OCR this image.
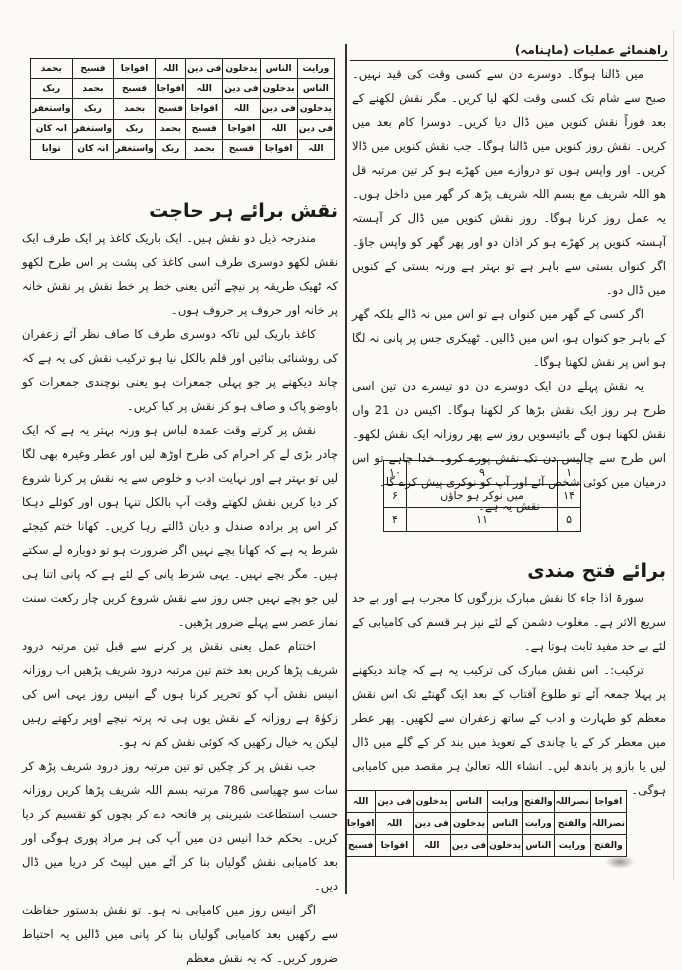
راهنمائے عملیات (ماہنامہ)
ورایت	الناس	یدخلون	فی دین	اللہ	افواجا	فسبح	بحمد
الناس	یدخلون	فی دین	اللہ	افواجا	فسبح	بحمد	ربک
یدخلون	فی دین	اللہ	افواجا	فسبح	بحمد	ربک	واستغفر
فی دین	اللہ	افواجا	فسبح	بحمد	ربک	واستغفر	انہ کان
اللہ	افواجا	فسبح	بحمد	ربک	واستغفر	انہ کان	توابا
نقش برائے ہر حاجت

مندرجہ ذیل دو نقش ہیں۔ ایک باریک کاغذ پر ایک طرف ایک نقش لکھو دوسری طرف اسی کاغذ کی پشت پر اس طرح لکھو کہ ٹھیک طریقہ پر نیچے آئیں یعنی خط پر خط نقش پر نقش خانہ پر خانہ اور حروف پر حروف ہوں۔

کاغذ باریک لیں تاکہ دوسری طرف کا صاف نظر آئے زعفران کی روشنائی بنائیں اور قلم بالکل نیا ہو ترکیب نقش کی یہ ہے کہ چاند دیکھنے پر جو پہلی جمعرات ہو یعنی نوچندی جمعرات کو باوضو پاک و صاف ہو کر نقش پر کیا کریں۔

نقش پر کرتے وقت عمدہ لباس ہو ورنہ بہتر یہ ہے کہ ایک چادر بڑی لے کر احرام کی طرح اوڑھ لیں اور عطر وغیرہ بھی لگا لیں تو بہتر ہے اور نہایت ادب و خلوص سے یہ نقش پر کرنا شروع کر دیا کریں نقش لکھتے وقت آپ بالکل تنہا ہوں اور کوئلے دہکا کر اس پر برادہ صندل و دیان ڈالتے رہا کریں۔ کھانا ختم کیجئے شرط یہ ہے کہ کھانا بچے نہیں اگر ضرورت ہو تو دوبارہ لے سکتے ہیں۔ مگر بچے نہیں۔ یہی شرط پانی کے لئے ہے کہ پانی اتنا ہی لیں جو بچے نہیں جس روز سے نقش شروع کریں چار رکعت سنت نماز عصر سے پہلے ضرور پڑھیں۔

اختتام عمل یعنی نقش پر کرنے سے قبل تین مرتبہ درود شریف پڑھا کریں بعد ختم تین مرتبہ درود شریف پڑھیں اب روزانہ انیس نقش آپ کو تحریر کرنا ہوں گے انیس روز یہی اس کی زکوٰۃ ہے روزانہ کے نقش یوں ہی تہ پرتہ نیچے اوپر رکھتے رہیں لیکن یہ خیال رکھیں کہ کوئی نقش کم نہ ہو۔

جب نقش پر کر چکیں تو تین مرتبہ روز درود شریف پڑھ کر سات سو چھیاسی 786 مرتبہ بسم اللہ شریف پڑھا کریں روزانہ حسب استطاعت شیرینی پر فاتحہ دے کر بچوں کو تقسیم کر دیا کریں۔ بحکم خدا انیس دن میں آپ کی ہر مراد پوری ہوگی اور بعد کامیابی نقش گولیاں بنا کر آٹے میں لپیٹ کر دریا میں ڈال دیں۔

اگر انیس روز میں کامیابی نہ ہو۔ تو نقش بدستور حفاظت سے رکھیں بعد کامیابی گولیاں بنا کر پانی میں ڈالیں یہ احتیاط ضرور کریں۔ کہ یہ نقش معظم

میں ڈالنا ہوگا۔ دوسرے دن سے کسی وقت کی قید نہیں۔ صبح سے شام تک کسی وقت لکھ لیا کریں۔ مگر نقش لکھنے کے بعد فوراً نقش کنویں میں ڈال دیا کریں۔ دوسرا کام بعد میں کریں۔ نقش روز کنویں میں ڈالنا ہوگا۔ جب نقش کنویں میں ڈالا کریں۔ اور واپس ہوں تو دروازے میں کھڑے ہو کر تین مرتبہ قل ھو اللہ شریف مع بسم اللہ شریف پڑھ کر گھر میں داخل ہوں۔ یہ عمل روز کرنا ہوگا۔ روز نقش کنویں میں ڈال کر آہستہ آہستہ کنویں پر کھڑے ہو کر اذان دو اور پھر گھر کو واپس جاؤ۔ اگر کنواں بستی سے باہر ہے تو بہتر ہے ورنہ بستی کے کنویں میں ڈال دو۔

اگر کسی کے گھر میں کنواں ہے تو اس میں نہ ڈالے بلکہ گھر کے باہر جو کنواں ہو، اس میں ڈالیں۔ ٹھیکری جس پر پانی نہ لگا ہو اس پر نقش لکھنا ہوگا۔

یہ نقش پہلے دن ایک دوسرے دن دو تیسرے دن تین اسی طرح ہر روز ایک نقش بڑھا کر لکھنا ہوگا۔ اکیس دن 21 واں نقش لکھنا ہوں گے بائیسویں روز سے پھر روزانہ ایک نقش لکھو۔ اس طرح سے چالیس دن تک نقش پورے کرو۔ خدا چاہے تو اس درمیان میں کوئی شخص آئے اور آپ کو نوکری پیش کرے گا۔

نقش یہ ہے۔

۱	۹	۱۰
۱۴	میں نوکر ہو جاؤں	۶
۵	۱۱	۴
برائے فتح مندی

سورۃ اذا جاء کا نقش مبارک بزرگوں کا مجرب ہے اور بے حد سریع الاثر ہے۔ مغلوب دشمن کے لئے نیز ہر قسم کی کامیابی کے لئے بے حد مفید ثابت ہوتا ہے۔

ترکیب:۔ اس نقش مبارک کی ترکیب یہ ہے کہ چاند دیکھنے پر پہلا جمعہ آئے تو طلوع آفتاب کے بعد ایک گھنٹے تک اس نقش معظم کو طہارت و ادب کے ساتھ زعفران سے لکھیں۔ پھر عطر میں معطر کر کے یا چاندی کے تعویذ میں بند کر کے گلے میں ڈال لیں یا بازو پر باندھ لیں۔ انشاء اللہ تعالیٰ ہر مقصد میں کامیابی ہوگی۔

افواجا	نصراللہ	والفتح	ورایت	الناس	یدخلون	فی دین	اللہ
نصراللہ	والفتح	ورایت	الناس	یدخلون	فی دین	اللہ	افواجا
والفتح	ورایت	الناس	یدخلون	فی دین	اللہ	افواجا	فسبح
